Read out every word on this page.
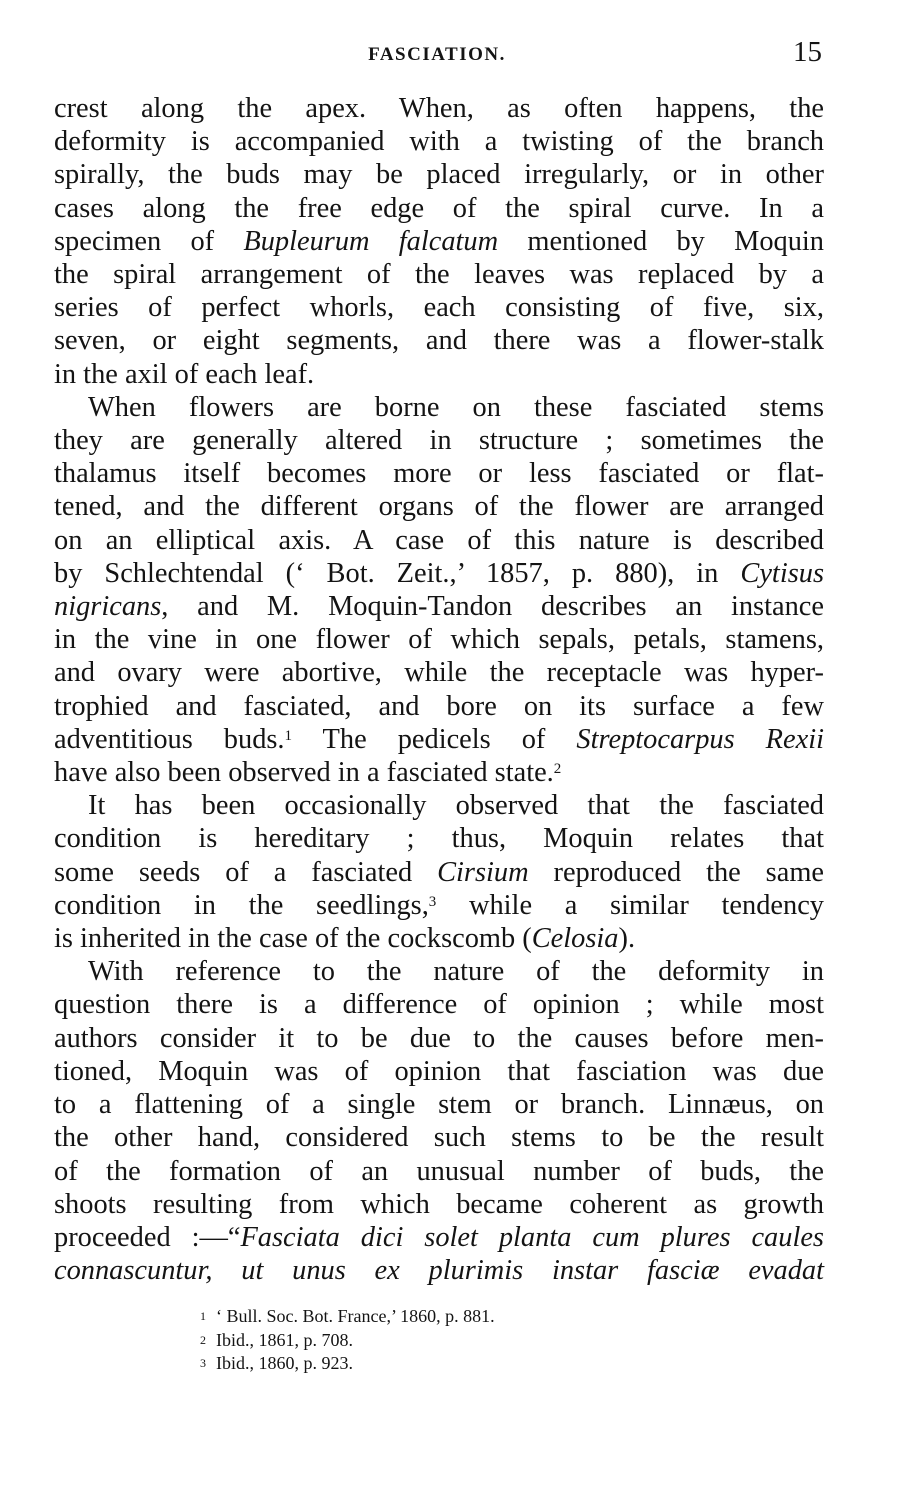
FASCIATION.	15

crest along the apex. When, as often happens, the
deformity is accompanied with a twisting of the branch
spirally, the buds may be placed irregularly, or in other
cases along the free edge of the spiral curve. In a
specimen of Bupleurum falcatum mentioned by Moquin
the spiral arrangement of the leaves was replaced by a
series of perfect whorls, each consisting of five, six,
seven, or eight segments, and there was a flower-stalk
in the axil of each leaf.

When flowers are borne on these fasciated stems
they are generally altered in structure ; sometimes the
thalamus itself becomes more or less fasciated or flat-
tened, and the different organs of the flower are arranged
on an elliptical axis. A case of this nature is described
by Schlechtendal (‘ Bot. Zeit.,’ 1857, p. 880), in Cytisus
nigricans, and M. Moquin-Tandon describes an instance
in the vine in one flower of which sepals, petals, stamens,
and ovary were abortive, while the receptacle was hyper-
trophied and fasciated, and bore on its surface a few
adventitious buds.$^1$ The pedicels of Streptocarpus Rexii
have also been observed in a fasciated state.$^2$

It has been occasionally observed that the fasciated
condition is hereditary ; thus, Moquin relates that
some seeds of a fasciated Cirsium reproduced the same
condition in the seedlings,$^3$ while a similar tendency
is inherited in the case of the cockscomb (Celosia).

With reference to the nature of the deformity in
question there is a difference of opinion ; while most
authors consider it to be due to the causes before men-
tioned, Moquin was of opinion that fasciation was due
to a flattening of a single stem or branch. Linnæus, on
the other hand, considered such stems to be the result
of the formation of an unusual number of buds, the
shoots resulting from which became coherent as growth
proceeded :—“Fasciata dici solet planta cum plures caules
connascuntur, ut unus ex plurimis instar fasciæ evadat

1 ‘ Bull. Soc. Bot. France,’ 1860, p. 881.
2 Ibid., 1861, p. 708.
3 Ibid., 1860, p. 923.
